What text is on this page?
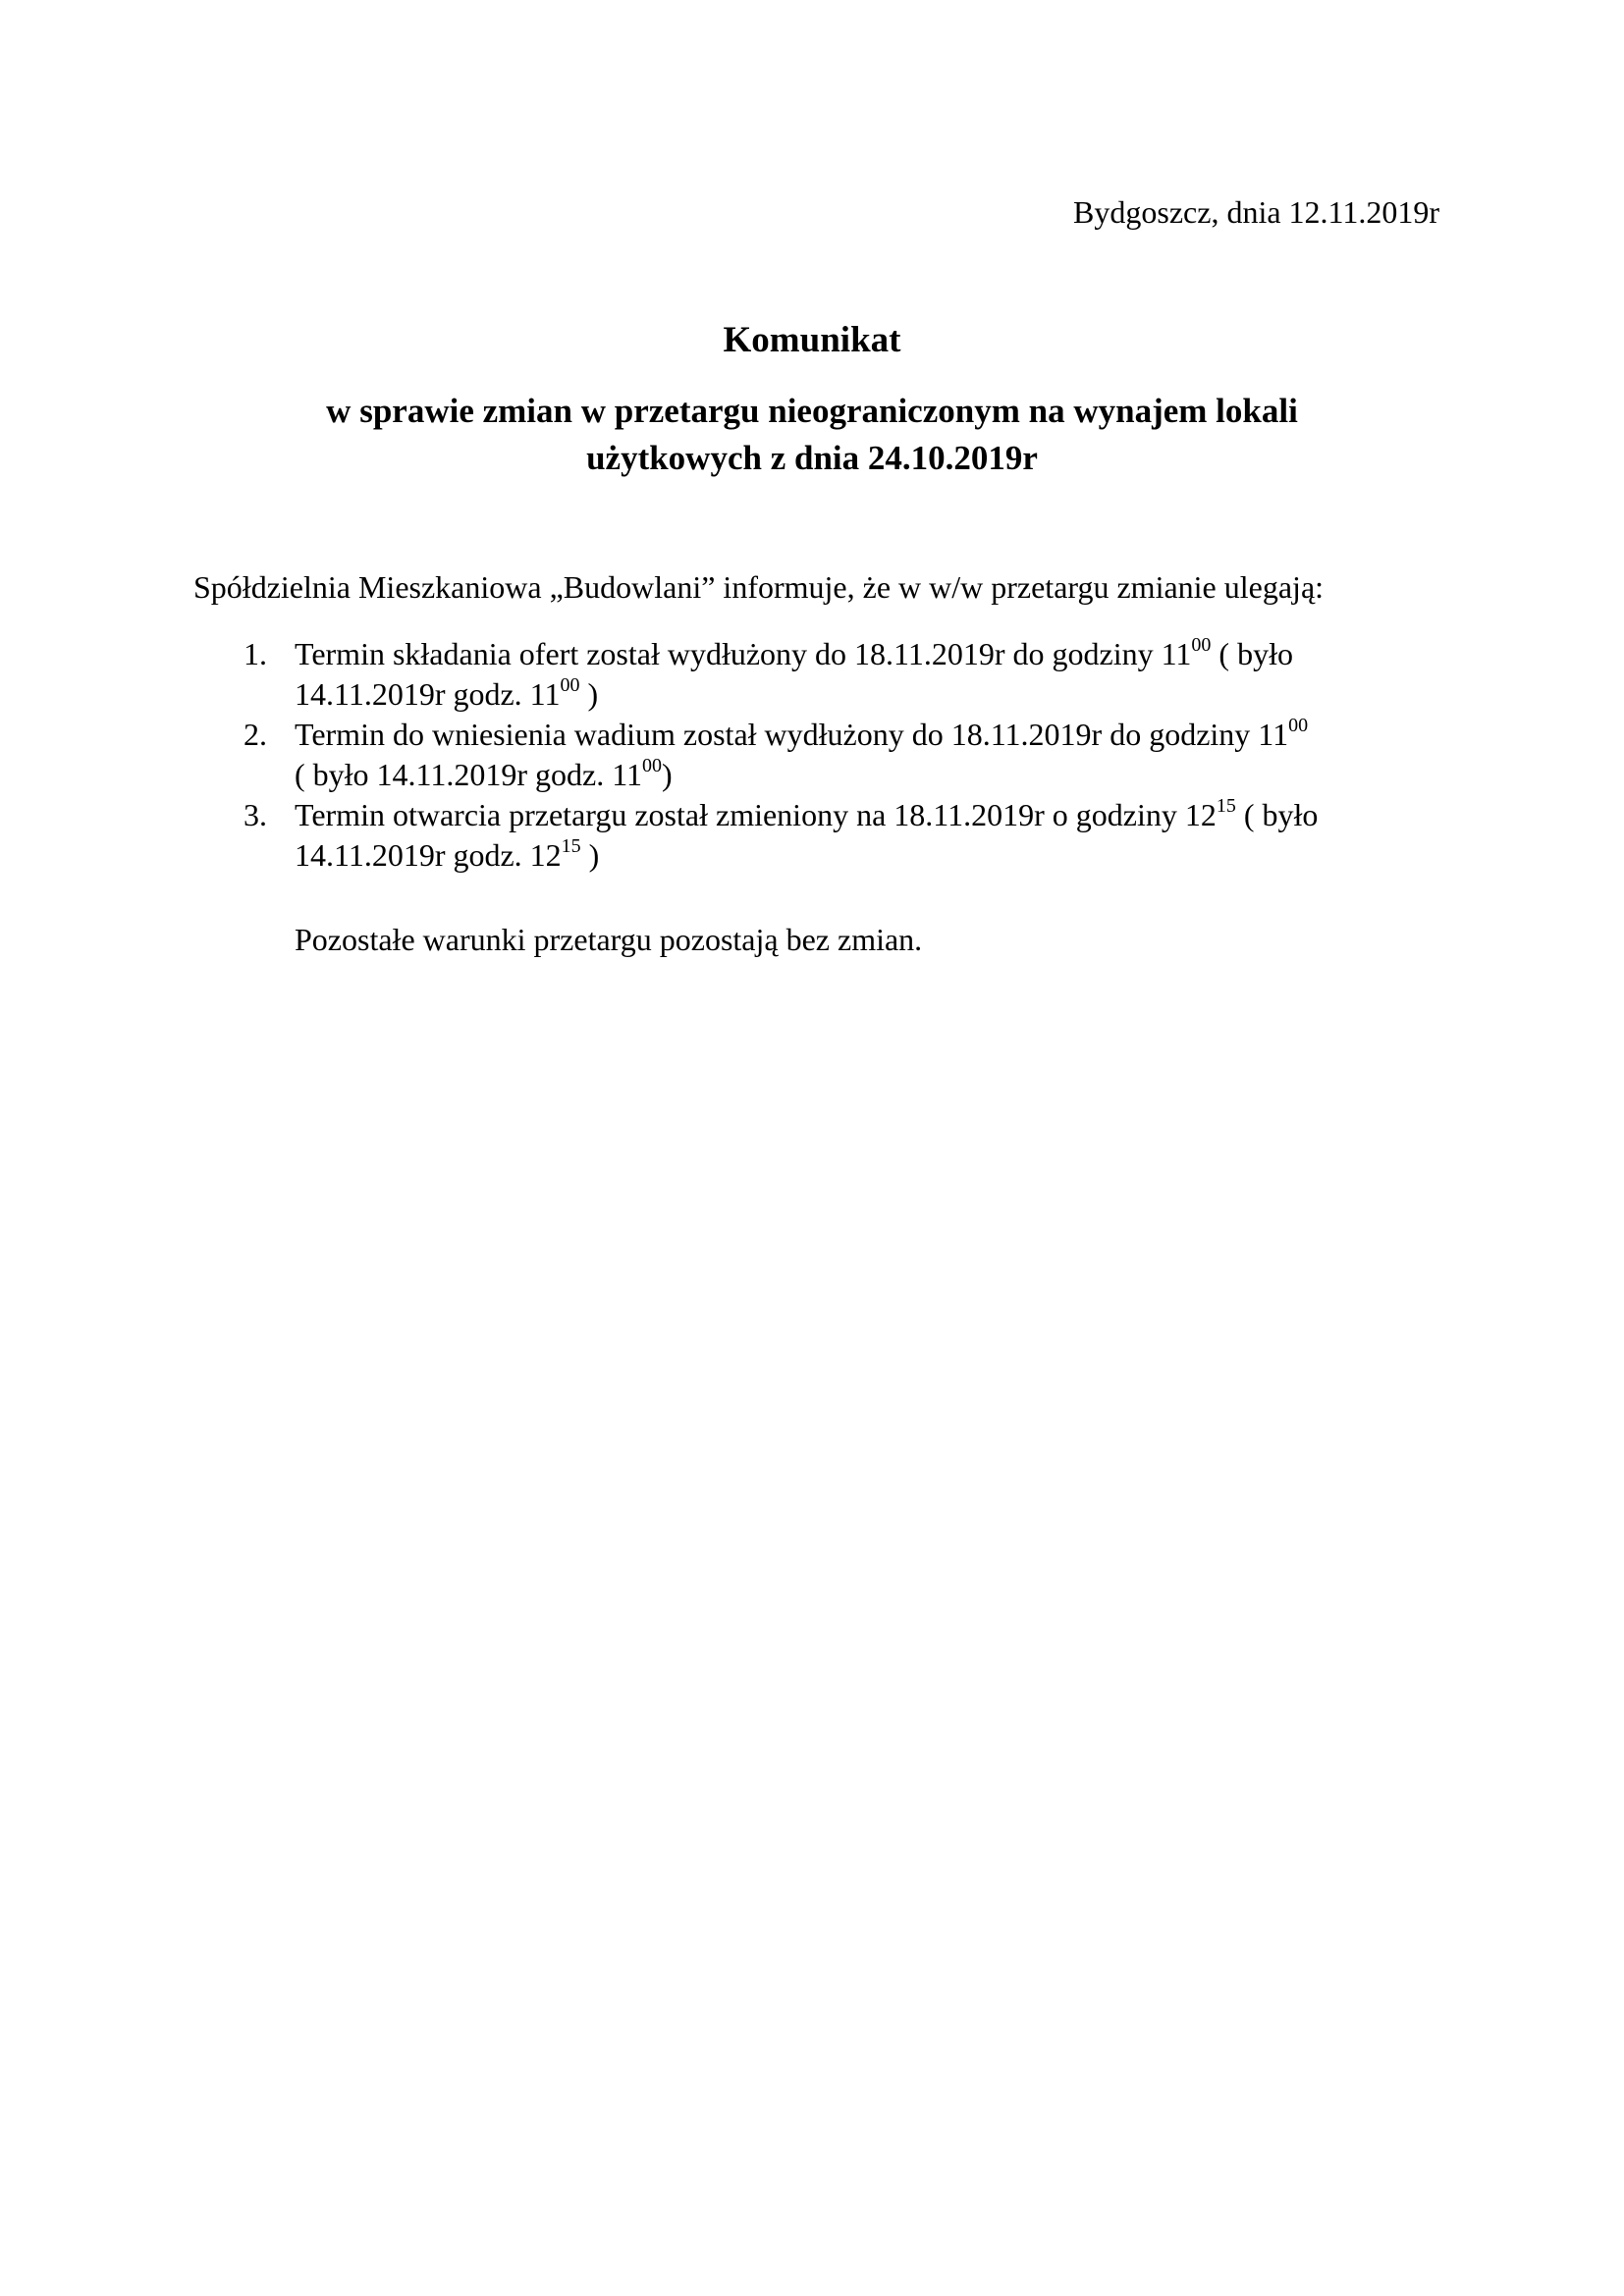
Bydgoszcz, dnia 12.11.2019r
Komunikat
w sprawie zmian w przetargu nieograniczonym na wynajem lokali
użytkowych z dnia 24.10.2019r
Spółdzielnia Mieszkaniowa „Budowlani” informuje, że w w/w przetargu zmianie ulegają:
1. Termin składania ofert został wydłużony do 18.11.2019r do godziny $11^{00}$ ( było
14.11.2019r godz. $11^{00}$ )
2. Termin do wniesienia wadium został wydłużony do 18.11.2019r do godziny $11^{00}$
( było 14.11.2019r godz. $11^{00}$)
3. Termin otwarcia przetargu został zmieniony na 18.11.2019r o godziny $12^{15}$ ( było
14.11.2019r godz. $12^{15}$ )
Pozostałe warunki przetargu pozostają bez zmian.
